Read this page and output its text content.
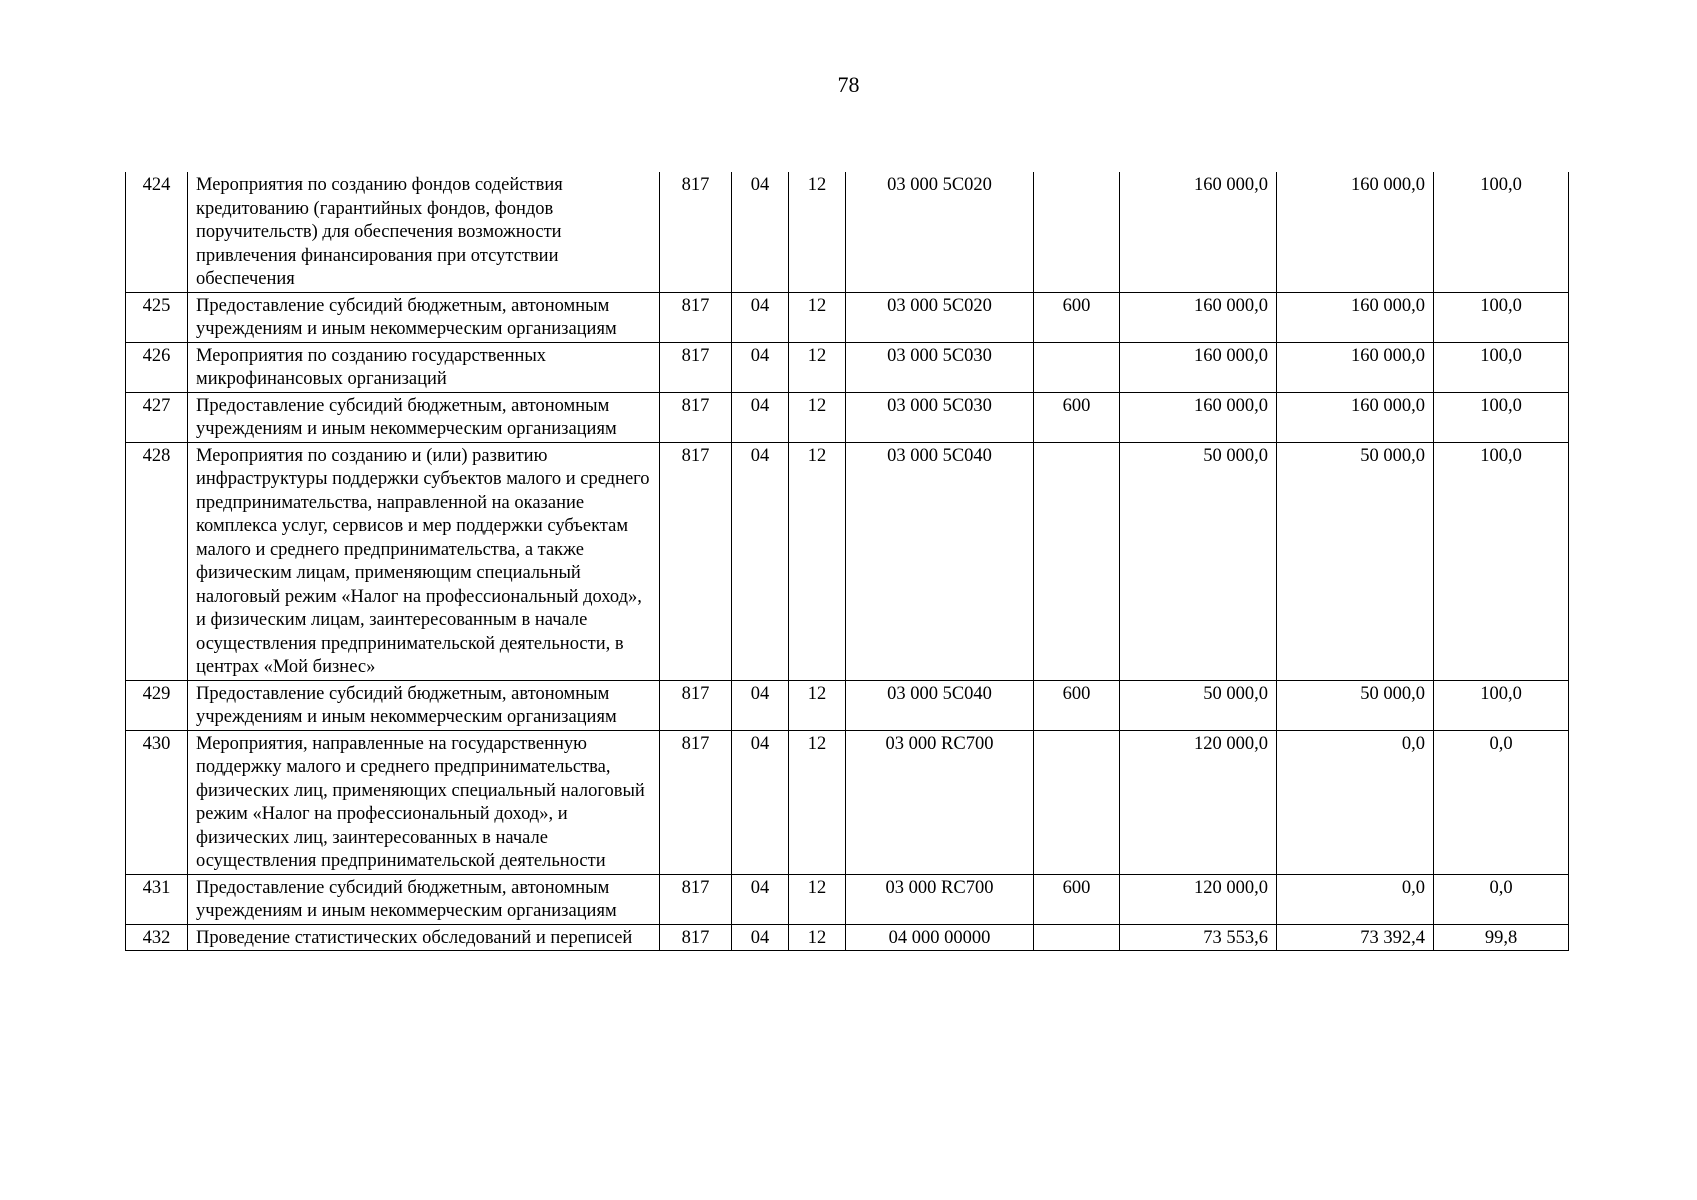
78
424	Мероприятия по созданию фондов содействия кредитованию (гарантийных фондов, фондов поручительств) для обеспечения возможности привлечения финансирования при отсутствии обеспечения	817	04	12	03 000 5С020		160 000,0	160 000,0	100,0
425	Предоставление субсидий бюджетным, автономным учреждениям и иным некоммерческим организациям	817	04	12	03 000 5С020	600	160 000,0	160 000,0	100,0
426	Мероприятия по созданию государственных микрофинансовых организаций	817	04	12	03 000 5С030		160 000,0	160 000,0	100,0
427	Предоставление субсидий бюджетным, автономным учреждениям и иным некоммерческим организациям	817	04	12	03 000 5С030	600	160 000,0	160 000,0	100,0
428	Мероприятия по созданию и (или) развитию инфраструктуры поддержки субъектов малого и среднего предпринимательства, направленной на оказание комплекса услуг, сервисов и мер поддержки субъектам малого и среднего предпринимательства, а также физическим лицам, применяющим специальный налоговый режим «Налог на профессиональный доход», и физическим лицам, заинтересованным в начале осуществления предпринимательской деятельности, в центрах «Мой бизнес»	817	04	12	03 000 5С040		50 000,0	50 000,0	100,0
429	Предоставление субсидий бюджетным, автономным учреждениям и иным некоммерческим организациям	817	04	12	03 000 5С040	600	50 000,0	50 000,0	100,0
430	Мероприятия, направленные на государственную поддержку малого и среднего предпринимательства, физических лиц, применяющих специальный налоговый режим «Налог на профессиональный доход», и физических лиц, заинтересованных в начале осуществления предпринимательской деятельности	817	04	12	03 000 RC700		120 000,0	0,0	0,0
431	Предоставление субсидий бюджетным, автономным учреждениям и иным некоммерческим организациям	817	04	12	03 000 RC700	600	120 000,0	0,0	0,0
432	Проведение статистических обследований и переписей	817	04	12	04 000 00000		73 553,6	73 392,4	99,8
